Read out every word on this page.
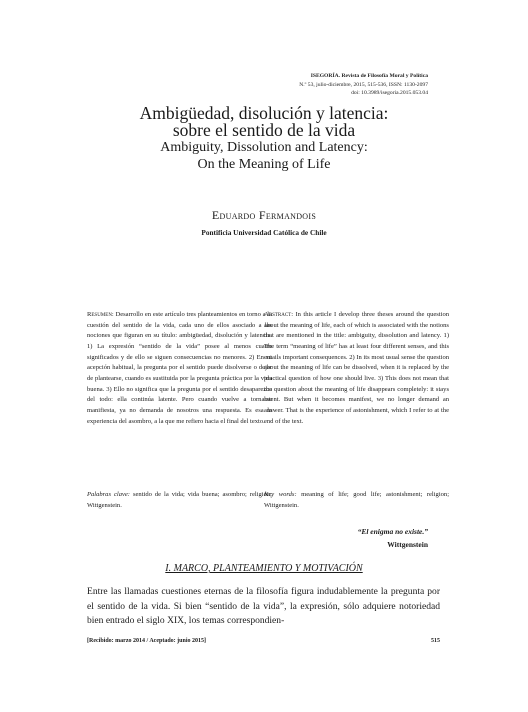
ISEGORÍA. Revista de Filosofía Moral y Política
N.º 53, julio-diciembre, 2015, 515-536, ISSN: 1130-2097
doi: 10.3989/isegoria.2015.053.04
Ambigüedad, disolución y latencia:
sobre el sentido de la vida
Ambiguity, Dissolution and Latency:
On the Meaning of Life
Eduardo Fermandois
Pontificia Universidad Católica de Chile
Resumen: Desarrollo en este artículo tres planteamientos en torno a la cuestión del sentido de la vida, cada uno de ellos asociado a las nociones que figuran en su título: ambigüedad, disolución y latencia. 1) La expresión “sentido de la vida” posee al menos cuatro significados y de ello se siguen consecuencias no menores. 2) En su acepción habitual, la pregunta por el sentido puede disolverse o dejar de plantearse, cuando es sustituida por la pregunta práctica por la vida buena. 3) Ello no significa que la pregunta por el sentido desaparezca del todo: ella continúa latente. Pero cuando vuelve a tornarse manifiesta, ya no demanda de nosotros una respuesta. Es esa la experiencia del asombro, a la que me refiero hacia el final del texto.
Abstract: In this article I develop three theses around the question about the meaning of life, each of which is associated with the notions that are mentioned in the title: ambiguity, dissolution and latency. 1) The term “meaning of life” has at least four different senses, and this entails important consequences. 2) In its most usual sense the question about the meaning of life can be dissolved, when it is replaced by the practical question of how one should live. 3) This does not mean that the question about the meaning of life disappears completely: it stays latent. But when it becomes manifest, we no longer demand an answer. That is the experience of astonishment, which I refer to at the end of the text.
Palabras clave: sentido de la vida; vida buena; asombro; religión; Wittgenstein.
Key words: meaning of life; good life; astonishment; religion; Wittgenstein.
“El enigma no existe.”
Wittgenstein
I. MARCO, PLANTEAMIENTO Y MOTIVACIÓN
Entre las llamadas cuestiones eternas de la filosofía figura indudablemente la pregunta por el sentido de la vida. Si bien “sentido de la vida”, la expresión, sólo adquiere notoriedad bien entrado el siglo XIX, los temas correspondien-
[Recibido: marzo 2014 / Aceptado: junio 2015]	515
